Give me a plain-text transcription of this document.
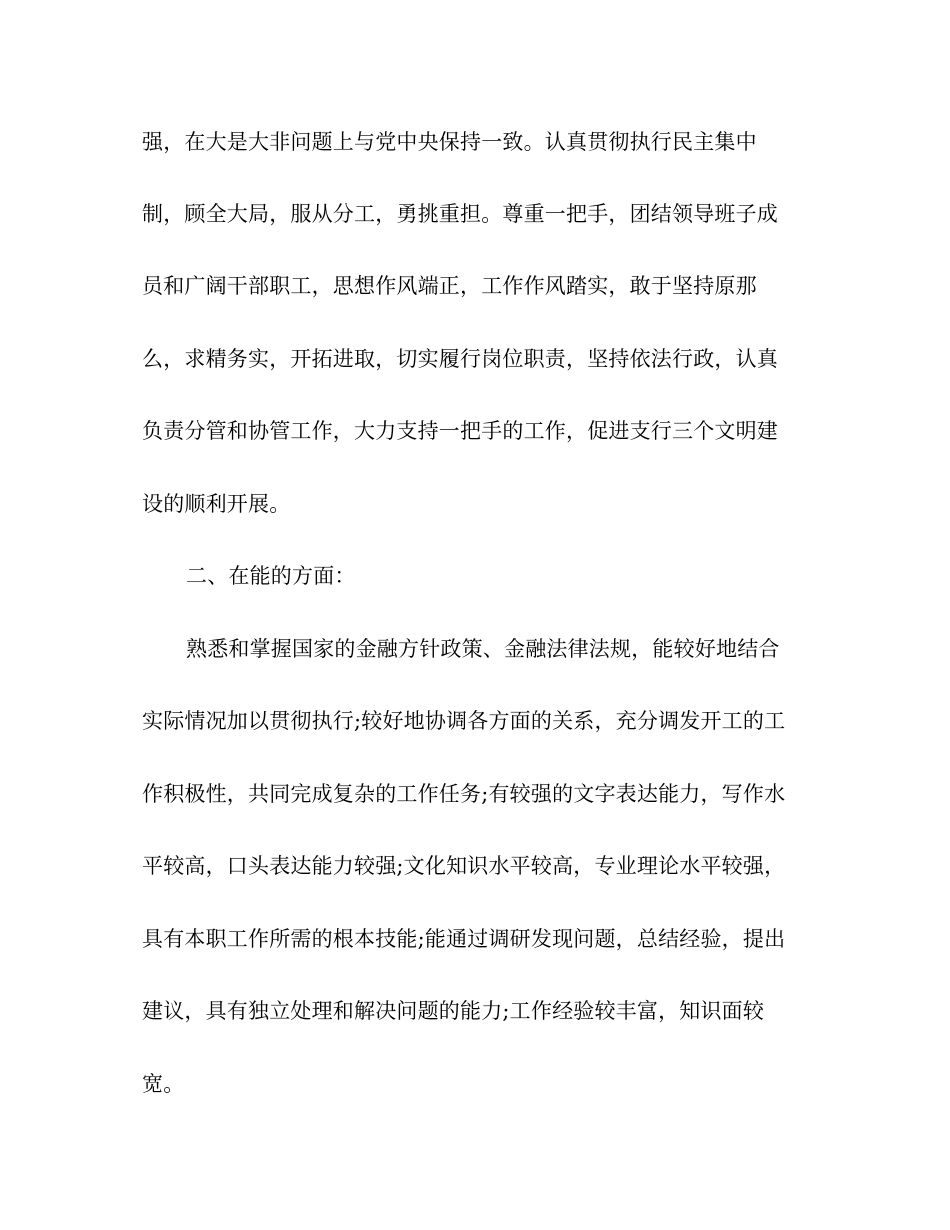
强，在大是大非问题上与党中央保持一致。认真贯彻执行民主集中
制，顾全大局，服从分工，勇挑重担。尊重一把手，团结领导班子成
员和广阔干部职工，思想作风端正，工作作风踏实，敢于坚持原那
么，求精务实，开拓进取，切实履行岗位职责，坚持依法行政，认真
负责分管和协管工作，大力支持一把手的工作，促进支行三个文明建
设的顺利开展。
二、在能的方面：
熟悉和掌握国家的金融方针政策、金融法律法规，能较好地结合
实际情况加以贯彻执行;较好地协调各方面的关系，充分调发开工的工
作积极性，共同完成复杂的工作任务;有较强的文字表达能力，写作水
平较高，口头表达能力较强;文化知识水平较高，专业理论水平较强，
具有本职工作所需的根本技能;能通过调研发现问题，总结经验，提出
建议，具有独立处理和解决问题的能力;工作经验较丰富，知识面较
宽。
